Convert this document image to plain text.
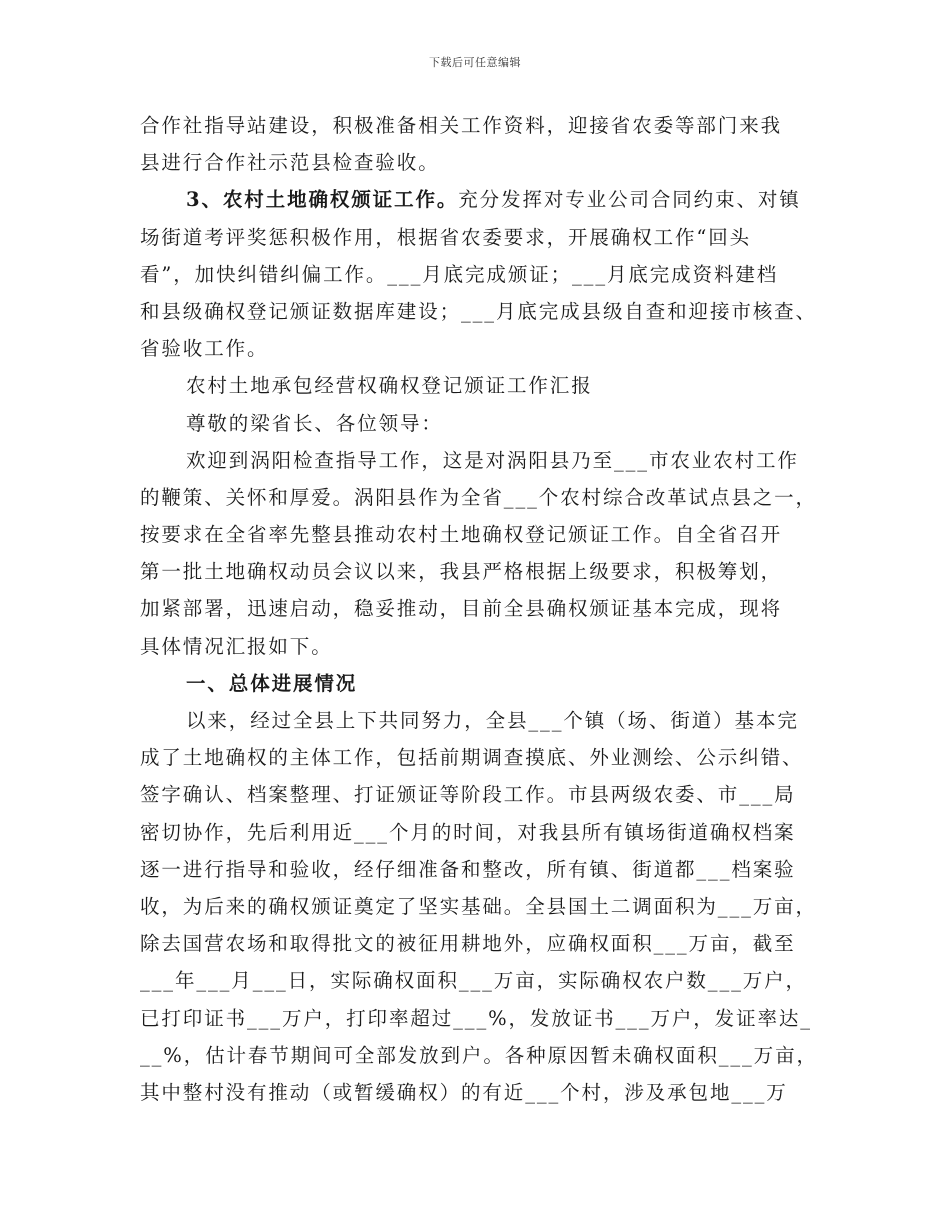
下载后可任意编辑
合作社指导站建设，积极准备相关工作资料，迎接省农委等部门来我
县进行合作社示范县检查验收。
3、农村土地确权颁证工作。充分发挥对专业公司合同约束、对镇
场街道考评奖惩积极作用，根据省农委要求，开展确权工作“回头
看”，加快纠错纠偏工作。___月底完成颁证；___月底完成资料建档
和县级确权登记颁证数据库建设；___月底完成县级自查和迎接市核查、
省验收工作。
农村土地承包经营权确权登记颁证工作汇报
尊敬的梁省长、各位领导：
欢迎到涡阳检查指导工作，这是对涡阳县乃至___市农业农村工作
的鞭策、关怀和厚爱。涡阳县作为全省___个农村综合改革试点县之一，
按要求在全省率先整县推动农村土地确权登记颁证工作。自全省召开
第一批土地确权动员会议以来，我县严格根据上级要求，积极筹划，
加紧部署，迅速启动，稳妥推动，目前全县确权颁证基本完成，现将
具体情况汇报如下。
一、总体进展情况
以来，经过全县上下共同努力，全县___个镇（场、街道）基本完
成了土地确权的主体工作，包括前期调查摸底、外业测绘、公示纠错、
签字确认、档案整理、打证颁证等阶段工作。市县两级农委、市___局
密切协作，先后利用近___个月的时间，对我县所有镇场街道确权档案
逐一进行指导和验收，经仔细准备和整改，所有镇、街道都___档案验
收，为后来的确权颁证奠定了坚实基础。全县国土二调面积为___万亩，
除去国营农场和取得批文的被征用耕地外，应确权面积___万亩，截至
___年___月___日，实际确权面积___万亩，实际确权农户数___万户，
已打印证书___万户，打印率超过___%，发放证书___万户，发证率达_
__%，估计春节期间可全部发放到户。各种原因暂未确权面积___万亩，
其中整村没有推动（或暂缓确权）的有近___个村，涉及承包地___万
